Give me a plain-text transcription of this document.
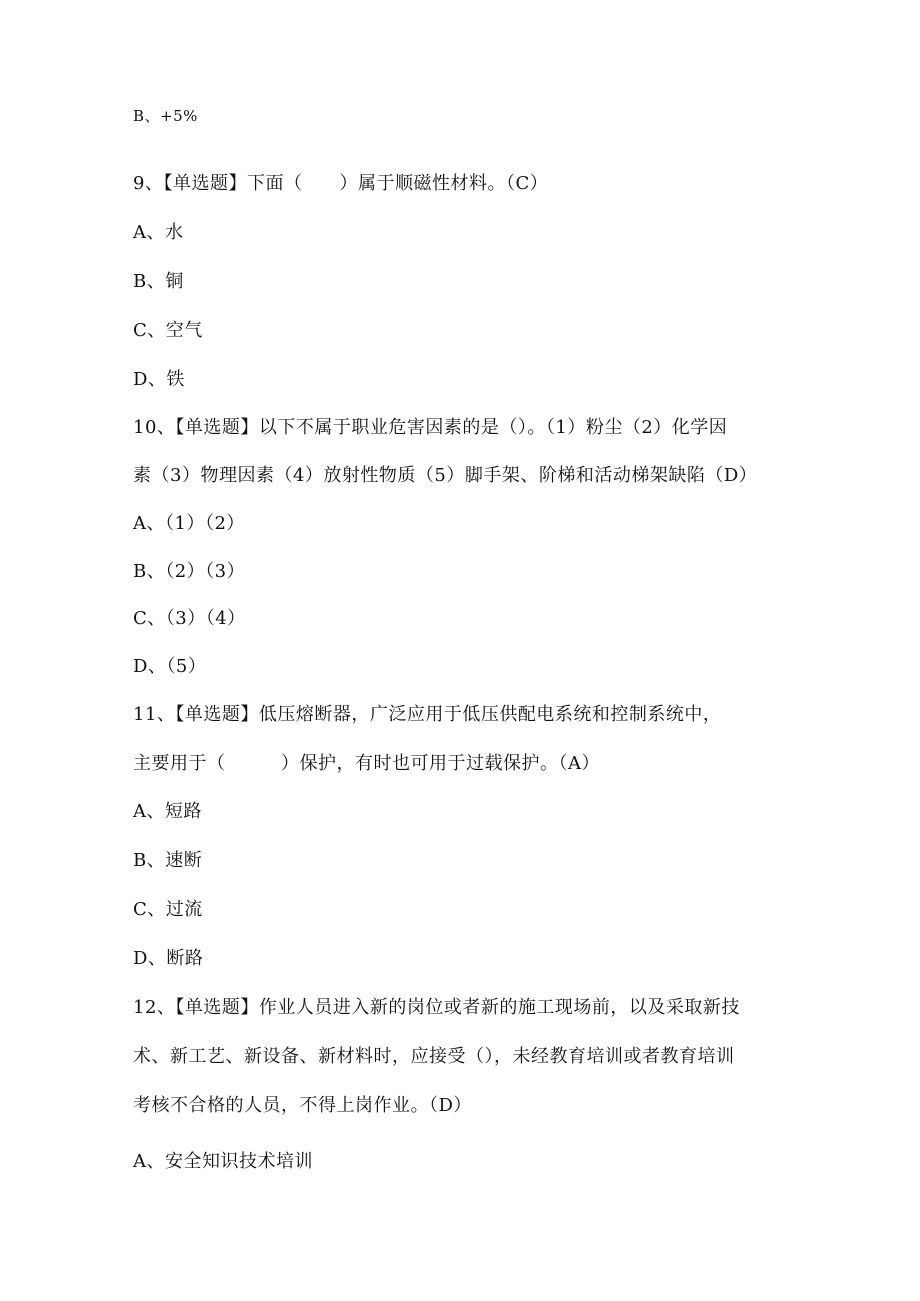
B、+5%
9、【单选题】下面（　　）属于顺磁性材料。（C）
A、水
B、铜
C、空气
D、铁
10、【单选题】以下不属于职业危害因素的是（）。（1）粉尘（2）化学因
素（3）物理因素（4）放射性物质（5）脚手架、阶梯和活动梯架缺陷（D）
A、（1）（2）
B、（2）（3）
C、（3）（4）
D、（5）
11、【单选题】低压熔断器，广泛应用于低压供配电系统和控制系统中，
主要用于（　　　）保护，有时也可用于过载保护。（A）
A、短路
B、速断
C、过流
D、断路
12、【单选题】作业人员进入新的岗位或者新的施工现场前，以及采取新技
术、新工艺、新设备、新材料时，应接受（），未经教育培训或者教育培训
考核不合格的人员，不得上岗作业。（D）
A、安全知识技术培训
